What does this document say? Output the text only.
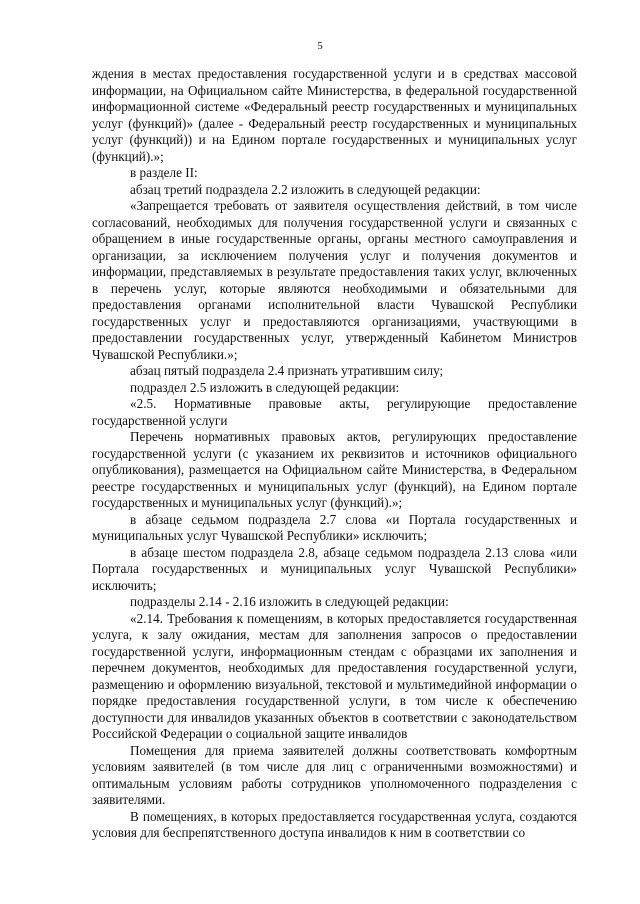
5

ждения в местах предоставления государственной услуги и в средствах массовой информации, на Официальном сайте Министерства, в федеральной государственной информационной системе «Федеральный реестр государственных и муниципальных услуг (функций)» (далее - Федеральный реестр государственных и муниципальных услуг (функций)) и на Едином портале государственных и муниципальных услуг (функций).»;

в разделе II:

абзац третий подраздела 2.2 изложить в следующей редакции:

«Запрещается требовать от заявителя осуществления действий, в том числе согласований, необходимых для получения государственной услуги и связанных с обращением в иные государственные органы, органы местного самоуправления и организации, за исключением получения услуг и получения документов и информации, представляемых в результате предоставления таких услуг, включенных в перечень услуг, которые являются необходимыми и обязательными для предоставления органами исполнительной власти Чувашской Республики государственных услуг и предоставляются организациями, участвующими в предоставлении государственных услуг, утвержденный Кабинетом Министров Чувашской Республики.»;

абзац пятый подраздела 2.4 признать утратившим силу;

подраздел 2.5 изложить в следующей редакции:

«2.5. Нормативные правовые акты, регулирующие предоставление государственной услуги

Перечень нормативных правовых актов, регулирующих предоставление государственной услуги (с указанием их реквизитов и источников официального опубликования), размещается на Официальном сайте Министерства, в Федеральном реестре государственных и муниципальных услуг (функций), на Едином портале государственных и муниципальных услуг (функций).»;

в абзаце седьмом подраздела 2.7 слова «и Портала государственных и муниципальных услуг Чувашской Республики» исключить;

в абзаце шестом подраздела 2.8, абзаце седьмом подраздела 2.13 слова «или Портала государственных и муниципальных услуг Чувашской Республики» исключить;

подразделы 2.14 - 2.16 изложить в следующей редакции:

«2.14. Требования к помещениям, в которых предоставляется государственная услуга, к залу ожидания, местам для заполнения запросов о предоставлении государственной услуги, информационным стендам с образцами их заполнения и перечнем документов, необходимых для предоставления государственной услуги, размещению и оформлению визуальной, текстовой и мультимедийной информации о порядке предоставления государственной услуги, в том числе к обеспечению доступности для инвалидов указанных объектов в соответствии с законодательством Российской Федерации о социальной защите инвалидов

Помещения для приема заявителей должны соответствовать комфортным условиям заявителей (в том числе для лиц с ограниченными возможностями) и оптимальным условиям работы сотрудников уполномоченного подразделения с заявителями.

В помещениях, в которых предоставляется государственная услуга, создаются условия для беспрепятственного доступа инвалидов к ним в соответствии со
